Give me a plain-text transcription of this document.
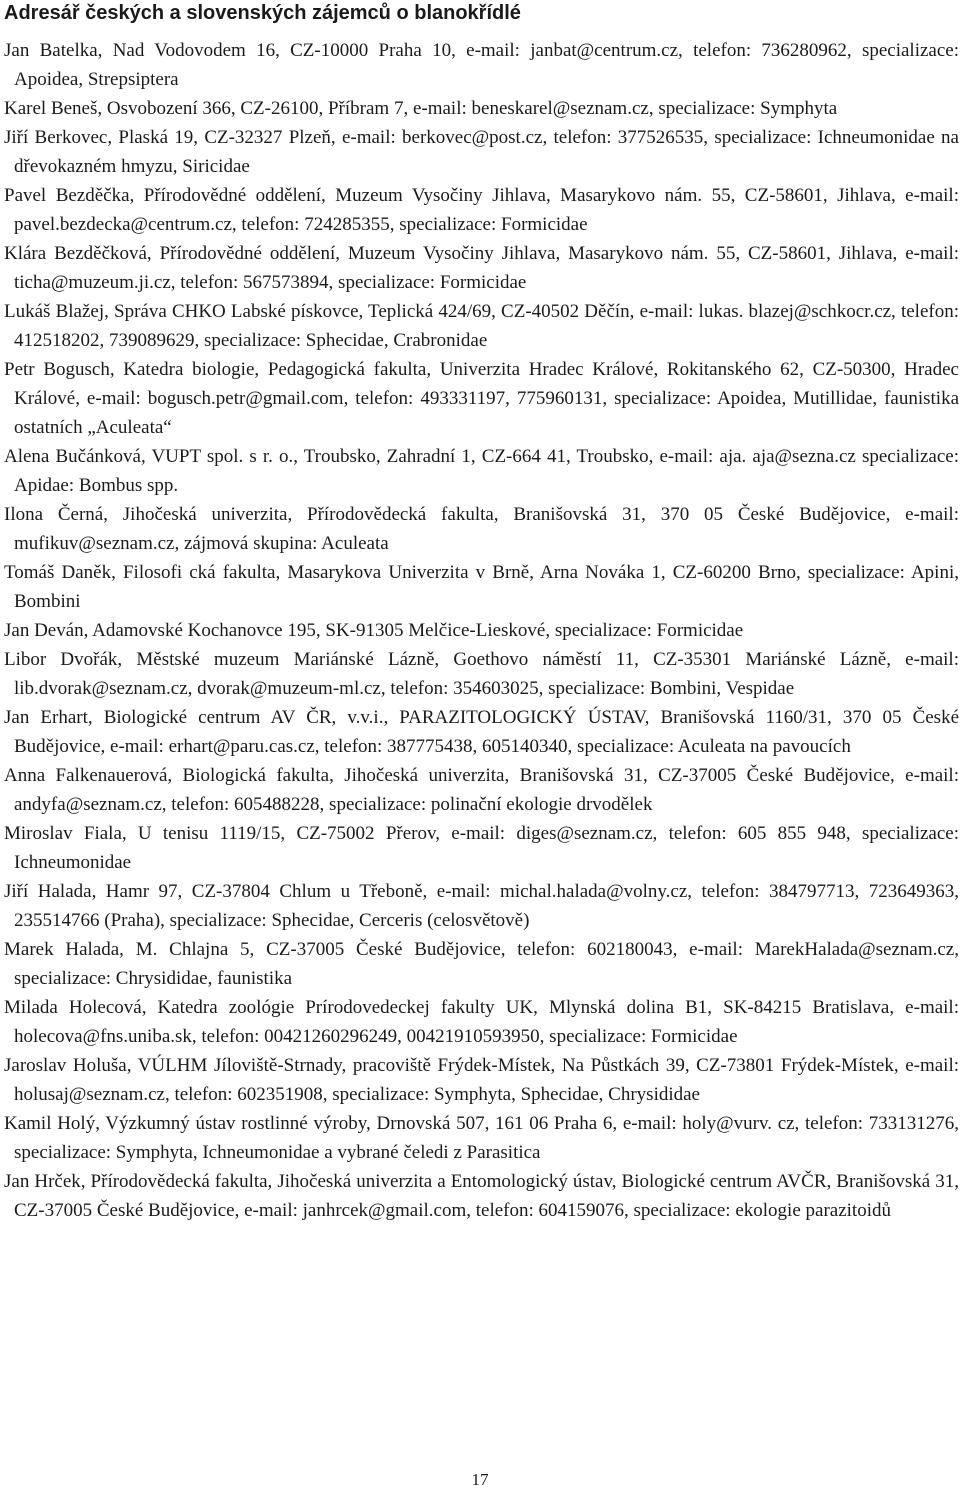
Adresář českých a slovenských zájemců o blanokřídlé
Jan Batelka, Nad Vodovodem 16, CZ-10000 Praha 10, e-mail: janbat@centrum.cz, telefon: 736280962, specializace: Apoidea, Strepsiptera
Karel Beneš, Osvobození 366, CZ-26100, Příbram 7, e-mail: beneskarel@seznam.cz, specializace: Symphyta
Jiří Berkovec, Plaská 19, CZ-32327 Plzeň, e-mail: berkovec@post.cz, telefon: 377526535, specializace: Ichneumonidae na dřevokazném hmyzu, Siricidae
Pavel Bezděčka, Přírodovědné oddělení, Muzeum Vysočiny Jihlava, Masarykovo nám. 55, CZ-58601, Jihlava, e-mail: pavel.bezdecka@centrum.cz, telefon: 724285355, specializace: Formicidae
Klára Bezděčková, Přírodovědné oddělení, Muzeum Vysočiny Jihlava, Masarykovo nám. 55, CZ-58601, Jihlava, e-mail: ticha@muzeum.ji.cz, telefon: 567573894, specializace: Formicidae
Lukáš Blažej, Správa CHKO Labské pískovce, Teplická 424/69, CZ-40502 Děčín, e-mail: lukas. blazej@schkocr.cz, telefon: 412518202, 739089629, specializace: Sphecidae, Crabronidae
Petr Bogusch, Katedra biologie, Pedagogická fakulta, Univerzita Hradec Králové, Rokitanského 62, CZ-50300, Hradec Králové, e-mail: bogusch.petr@gmail.com, telefon: 493331197, 775960131, specializace: Apoidea, Mutillidae, faunistika ostatních „Aculeata“
Alena Bučánková, VUPT spol. s r. o., Troubsko, Zahradní 1, CZ-664 41, Troubsko, e-mail: aja. aja@sezna.cz specializace: Apidae: Bombus spp.
Ilona Černá, Jihočeská univerzita, Přírodovědecká fakulta, Branišovská 31, 370 05 České Budějovice, e-mail: mufikuv@seznam.cz, zájmová skupina: Aculeata
Tomáš Daněk, Filosofi cká fakulta, Masarykova Univerzita v Brně, Arna Nováka 1, CZ-60200 Brno, specializace: Apini, Bombini
Jan Deván, Adamovské Kochanovce 195, SK-91305 Melčice-Lieskové, specializace: Formicidae
Libor Dvořák, Městské muzeum Mariánské Lázně, Goethovo náměstí 11, CZ-35301 Mariánské Lázně, e-mail: lib.dvorak@seznam.cz, dvorak@muzeum-ml.cz, telefon: 354603025, specializace: Bombini, Vespidae
Jan Erhart, Biologické centrum AV ČR, v.v.i., PARAZITOLOGICKÝ ÚSTAV, Branišovská 1160/31, 370 05 České Budějovice, e-mail: erhart@paru.cas.cz, telefon: 387775438, 605140340, specializace: Aculeata na pavoucích
Anna Falkenauerová, Biologická fakulta, Jihočeská univerzita, Branišovská 31, CZ-37005 České Budějovice, e-mail: andyfa@seznam.cz, telefon: 605488228, specializace: polinační ekologie drvodělek
Miroslav Fiala, U tenisu 1119/15, CZ-75002 Přerov, e-mail: diges@seznam.cz, telefon: 605 855 948, specializace: Ichneumonidae
Jiří Halada, Hamr 97, CZ-37804 Chlum u Třeboně, e-mail: michal.halada@volny.cz, telefon: 384797713, 723649363, 235514766 (Praha), specializace: Sphecidae, Cerceris (celosvětově)
Marek Halada, M. Chlajna 5, CZ-37005 České Budějovice, telefon: 602180043, e-mail: MarekHalada@seznam.cz, specializace: Chrysididae, faunistika
Milada Holecová, Katedra zoológie Prírodovedeckej fakulty UK, Mlynská dolina B1, SK-84215 Bratislava, e-mail: holecova@fns.uniba.sk, telefon: 00421260296249, 00421910593950, specializace: Formicidae
Jaroslav Holuša, VÚLHM Jíloviště-Strnady, pracoviště Frýdek-Místek, Na Půstkách 39, CZ-73801 Frýdek-Místek, e-mail: holusaj@seznam.cz, telefon: 602351908, specializace: Symphyta, Sphecidae, Chrysididae
Kamil Holý, Výzkumný ústav rostlinné výroby, Drnovská 507, 161 06 Praha 6, e-mail: holy@vurv. cz, telefon: 733131276, specializace: Symphyta, Ichneumonidae a vybrané čeledi z Parasitica
Jan Hrček, Přírodovědecká fakulta, Jihočeská univerzita a Entomologický ústav, Biologické centrum AVČR, Branišovská 31, CZ-37005 České Budějovice, e-mail: janhrcek@gmail.com, telefon: 604159076, specializace: ekologie parazitoidů
17
